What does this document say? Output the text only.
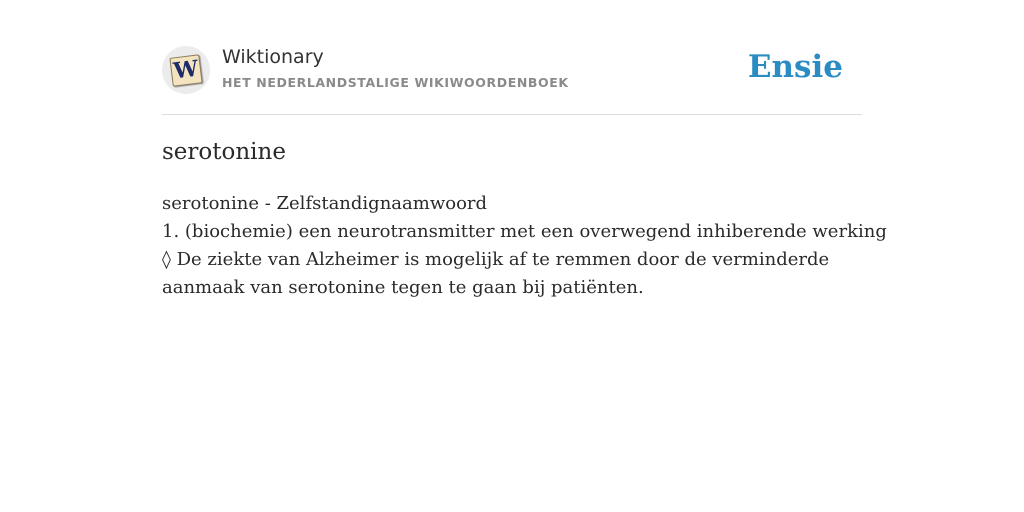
W Wiktionary
HET NEDERLANDSTALIGE WIKIWOORDENBOEK	Ensie
serotonine
serotonine - Zelfstandignaamwoord
1. (biochemie) een neurotransmitter met een overwegend inhiberende werking
◊ De ziekte van Alzheimer is mogelijk af te remmen door de verminderde aanmaak van serotonine tegen te gaan bij patiënten.
